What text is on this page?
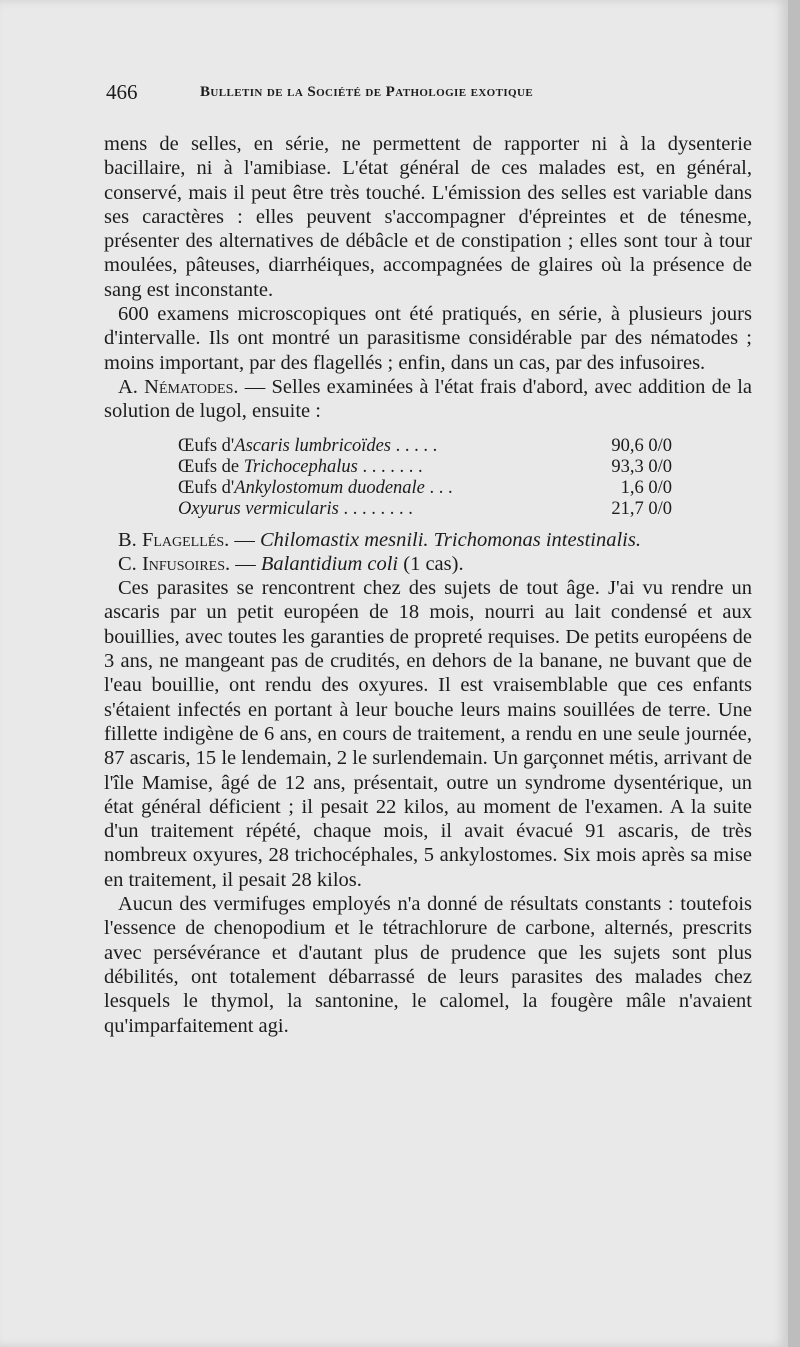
466	Bulletin de la Société de Pathologie exotique

mens de selles, en série, ne permettent de rapporter ni à la dysenterie bacillaire, ni à l'amibiase. L'état général de ces malades est, en général, conservé, mais il peut être très touché. L'émission des selles est variable dans ses caractères : elles peuvent s'accompagner d'épreintes et de ténesme, présenter des alternatives de débâcle et de constipation ; elles sont tour à tour moulées, pâteuses, diarrhéiques, accompagnées de glaires où la présence de sang est inconstante.

600 examens microscopiques ont été pratiqués, en série, à plusieurs jours d'intervalle. Ils ont montré un parasitisme considérable par des nématodes ; moins important, par des flagellés ; enfin, dans un cas, par des infusoires.

A. Nématodes. — Selles examinées à l'état frais d'abord, avec addition de la solution de lugol, ensuite :

Œufs d'Ascaris lumbricoïdes . . . . .	90,6 0/0
Œufs de Trichocephalus . . . . . . .	93,3 0/0
Œufs d'Ankylostomum duodenale . . .	1,6 0/0
Oxyurus vermicularis . . . . . . . .	21,7 0/0

B. Flagellés. — Chilomastix mesnili. Trichomonas intestinalis.

C. Infusoires. — Balantidium coli (1 cas).

Ces parasites se rencontrent chez des sujets de tout âge. J'ai vu rendre un ascaris par un petit européen de 18 mois, nourri au lait condensé et aux bouillies, avec toutes les garanties de propreté requises. De petits européens de 3 ans, ne mangeant pas de crudités, en dehors de la banane, ne buvant que de l'eau bouillie, ont rendu des oxyures. Il est vraisemblable que ces enfants s'étaient infectés en portant à leur bouche leurs mains souillées de terre. Une fillette indigène de 6 ans, en cours de traitement, a rendu en une seule journée, 87 ascaris, 15 le lendemain, 2 le surlendemain. Un garçonnet métis, arrivant de l'île Mamise, âgé de 12 ans, présentait, outre un syndrome dysentérique, un état général déficient ; il pesait 22 kilos, au moment de l'examen. A la suite d'un traitement répété, chaque mois, il avait évacué 91 ascaris, de très nombreux oxyures, 28 trichocéphales, 5 ankylostomes. Six mois après sa mise en traitement, il pesait 28 kilos.

Aucun des vermifuges employés n'a donné de résultats constants : toutefois l'essence de chenopodium et le tétrachlorure de carbone, alternés, prescrits avec persévérance et d'autant plus de prudence que les sujets sont plus débilités, ont totalement débarrassé de leurs parasites des malades chez lesquels le thymol, la santonine, le calomel, la fougère mâle n'avaient qu'imparfaitement agi.
